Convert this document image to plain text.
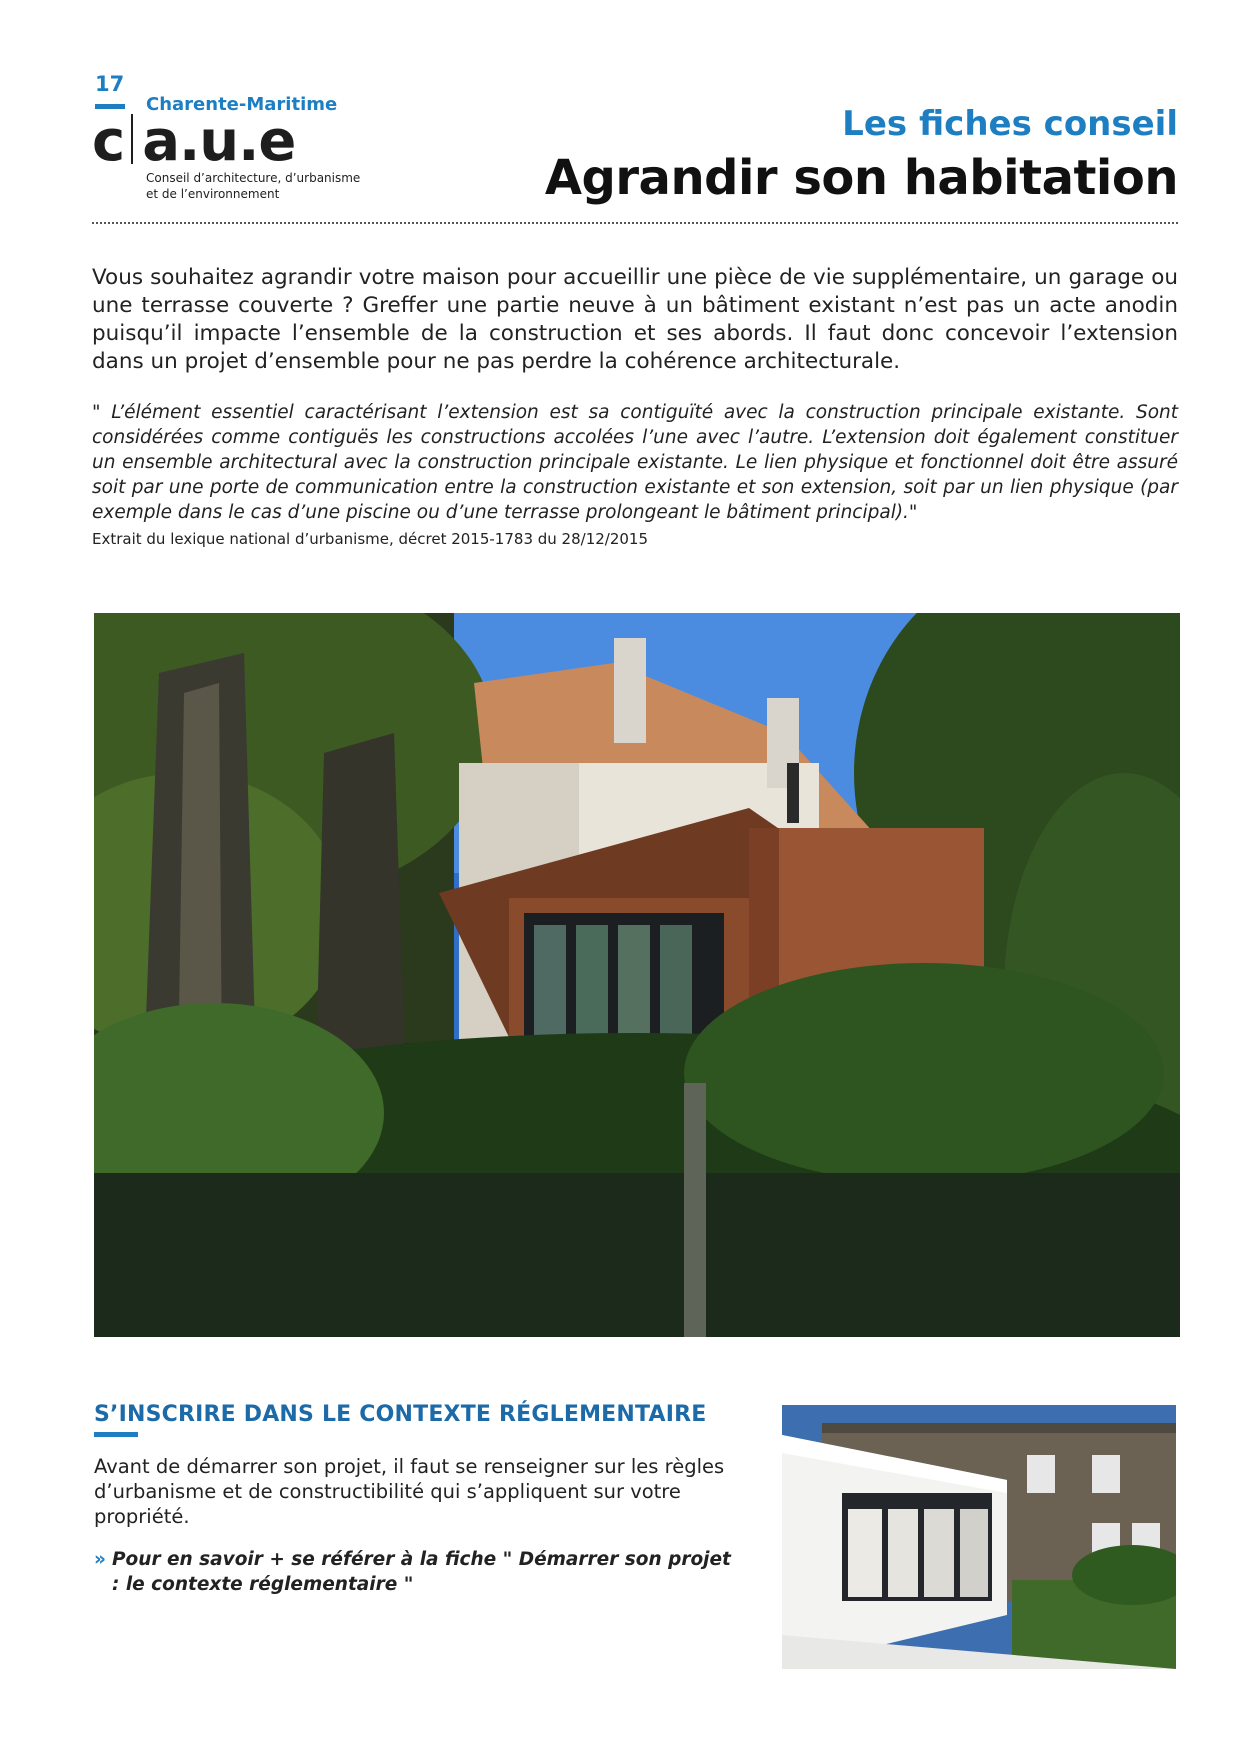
17
Charente-Maritime
c a.u.e
Conseil d’architecture, d’urbanisme
et de l’environnement
Les fiches conseil
Agrandir son habitation
Vous souhaitez agrandir votre maison pour accueillir une pièce de vie supplémentaire, un garage ou une terrasse couverte ? Greffer une partie neuve à un bâtiment existant n’est pas un acte anodin puisqu’il impacte l’ensemble de la construction et ses abords. Il faut donc concevoir l’extension dans un projet d’ensemble pour ne pas perdre la cohérence architecturale.
" L’élément essentiel caractérisant l’extension est sa contiguïté avec la construction principale existante. Sont considérées comme contiguës les constructions accolées l’une avec l’autre. L’extension doit également constituer un ensemble architectural avec la construction principale existante. Le lien physique et fonctionnel doit être assuré soit par une porte de communication entre la construction existante et son extension, soit par un lien physique (par exemple dans le cas d’une piscine ou d’une terrasse prolongeant le bâtiment principal)."
Extrait du lexique national d’urbanisme, décret 2015-1783 du 28/12/2015
S’INSCRIRE DANS LE CONTEXTE RÉGLEMENTAIRE
Avant de démarrer son projet, il faut se renseigner sur les règles d’urbanisme et de constructibilité qui s’appliquent sur votre propriété.
» Pour en savoir + se référer à la fiche " Démarrer son projet : le contexte réglementaire "
